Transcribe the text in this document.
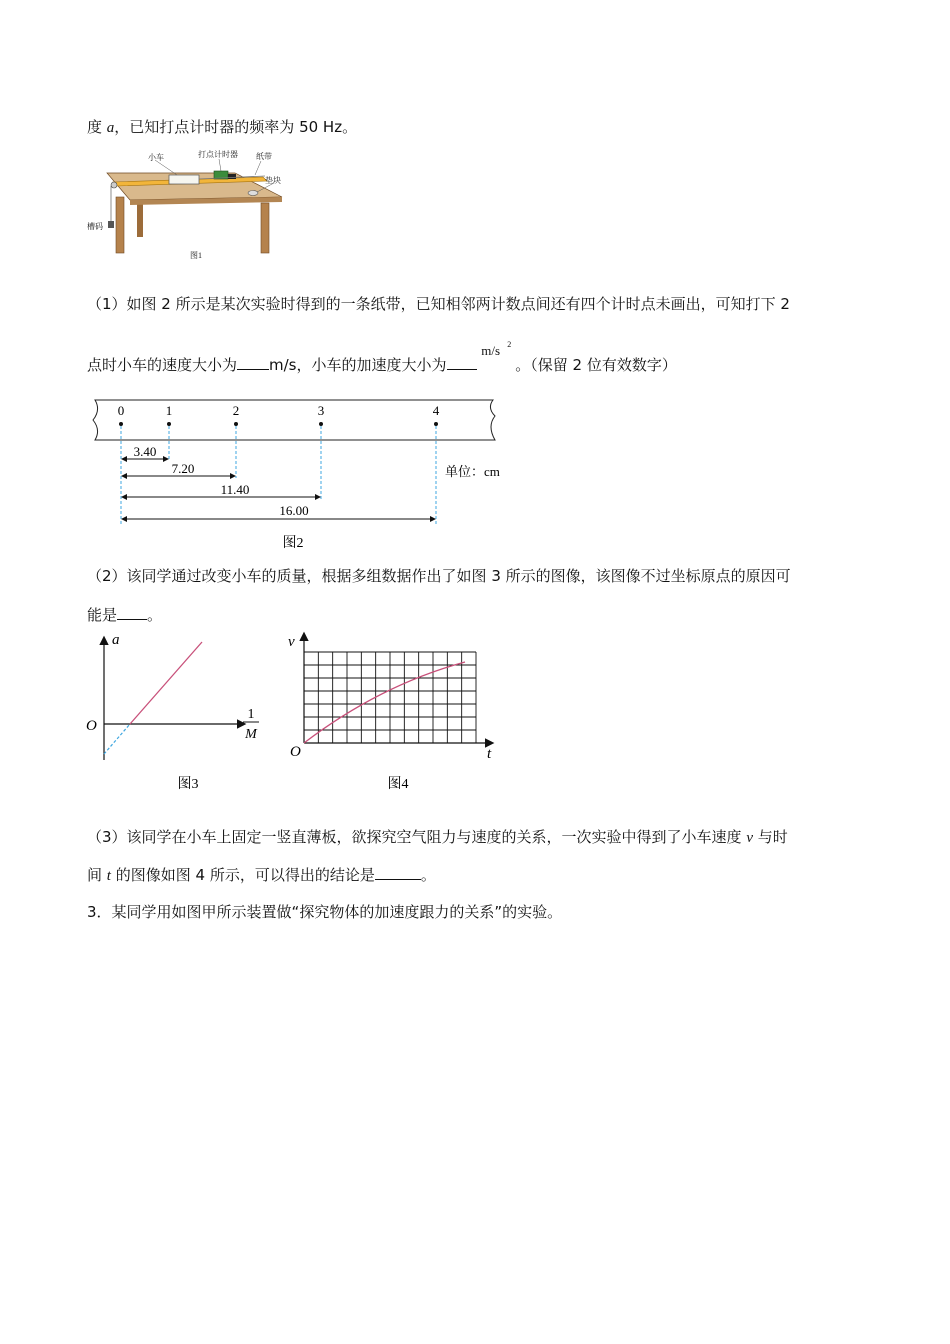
度 a，已知打点计时器的频率为 50 Hz。
小车	打点计时器 纸带
垫块
槽码
图1
（1）如图 2 所示是某次实验时得到的一条纸带，已知相邻两计数点间还有四个计时点未画出，可知打下 2
点时小车的速度大小为 m/s，小车的加速度大小为
m/s 2
。（保留 2 位有效数字）
0	1	2	3	4
3.40
7.20
11.40
16.00
单位：cm
图2
（2）该同学通过改变小车的质量，根据多组数据作出了如图 3 所示的图像，该图像不过坐标原点的原因可
能是 。
a
O
1
M
图3
v
O	t
图4
（3）该同学在小车上固定一竖直薄板，欲探究空气阻力与速度的关系，一次实验中得到了小车速度 v 与时
间 t 的图像如图 4 所示，可以得出的结论是	。
3．某同学用如图甲所示装置做“探究物体的加速度跟力的关系”的实验。
